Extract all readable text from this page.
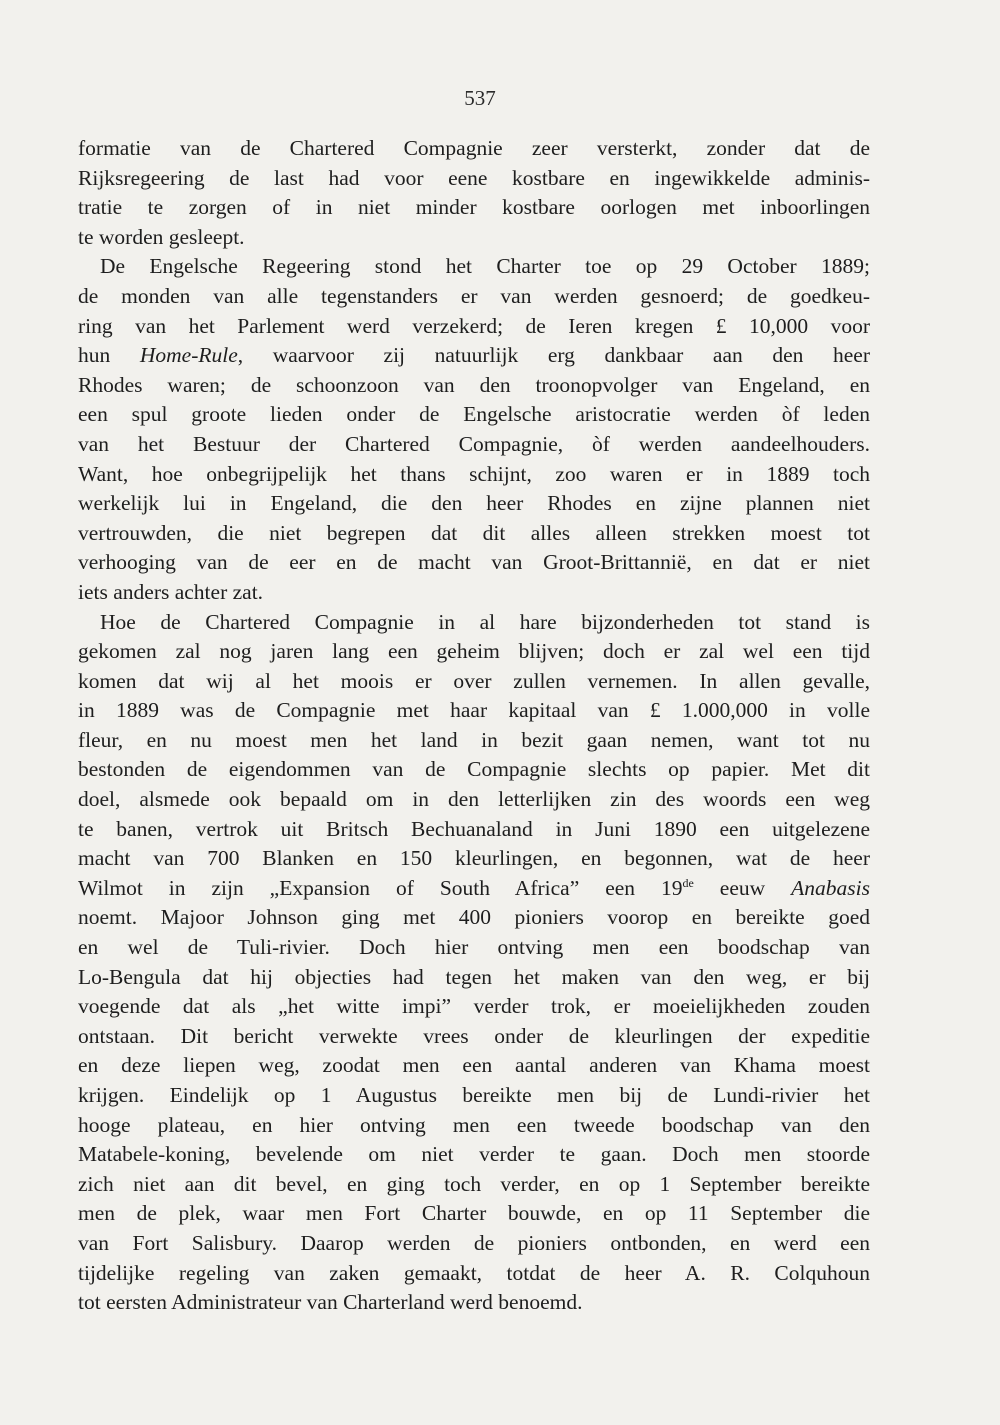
537
formatie van de Chartered Compagnie zeer versterkt, zonder dat de
Rijksregeering de last had voor eene kostbare en ingewikkelde adminis-
tratie te zorgen of in niet minder kostbare oorlogen met inboorlingen
te worden gesleept.
De Engelsche Regeering stond het Charter toe op 29 October 1889;
de monden van alle tegenstanders er van werden gesnoerd; de goedkeu-
ring van het Parlement werd verzekerd; de Ieren kregen £ 10,000 voor
hun Home-Rule, waarvoor zij natuurlijk erg dankbaar aan den heer
Rhodes waren; de schoonzoon van den troonopvolger van Engeland, en
een spul groote lieden onder de Engelsche aristocratie werden òf leden
van het Bestuur der Chartered Compagnie, òf werden aandeelhouders.
Want, hoe onbegrijpelijk het thans schijnt, zoo waren er in 1889 toch
werkelijk lui in Engeland, die den heer Rhodes en zijne plannen niet
vertrouwden, die niet begrepen dat dit alles alleen strekken moest tot
verhooging van de eer en de macht van Groot-Brittannië, en dat er niet
iets anders achter zat.
Hoe de Chartered Compagnie in al hare bijzonderheden tot stand is
gekomen zal nog jaren lang een geheim blijven; doch er zal wel een tijd
komen dat wij al het moois er over zullen vernemen. In allen gevalle,
in 1889 was de Compagnie met haar kapitaal van £ 1.000,000 in volle
fleur, en nu moest men het land in bezit gaan nemen, want tot nu
bestonden de eigendommen van de Compagnie slechts op papier. Met dit
doel, alsmede ook bepaald om in den letterlijken zin des woords een weg
te banen, vertrok uit Britsch Bechuanaland in Juni 1890 een uitgelezene
macht van 700 Blanken en 150 kleurlingen, en begonnen, wat de heer
Wilmot in zijn „Expansion of South Africa” een 19de eeuw Anabasis
noemt. Majoor Johnson ging met 400 pioniers voorop en bereikte goed
en wel de Tuli-rivier. Doch hier ontving men een boodschap van
Lo-Bengula dat hij objecties had tegen het maken van den weg, er bij
voegende dat als „het witte impi” verder trok, er moeielijkheden zouden
ontstaan. Dit bericht verwekte vrees onder de kleurlingen der expeditie
en deze liepen weg, zoodat men een aantal anderen van Khama moest
krijgen. Eindelijk op 1 Augustus bereikte men bij de Lundi-rivier het
hooge plateau, en hier ontving men een tweede boodschap van den
Matabele-koning, bevelende om niet verder te gaan. Doch men stoorde
zich niet aan dit bevel, en ging toch verder, en op 1 September bereikte
men de plek, waar men Fort Charter bouwde, en op 11 September die
van Fort Salisbury. Daarop werden de pioniers ontbonden, en werd een
tijdelijke regeling van zaken gemaakt, totdat de heer A. R. Colquhoun
tot eersten Administrateur van Charterland werd benoemd.
